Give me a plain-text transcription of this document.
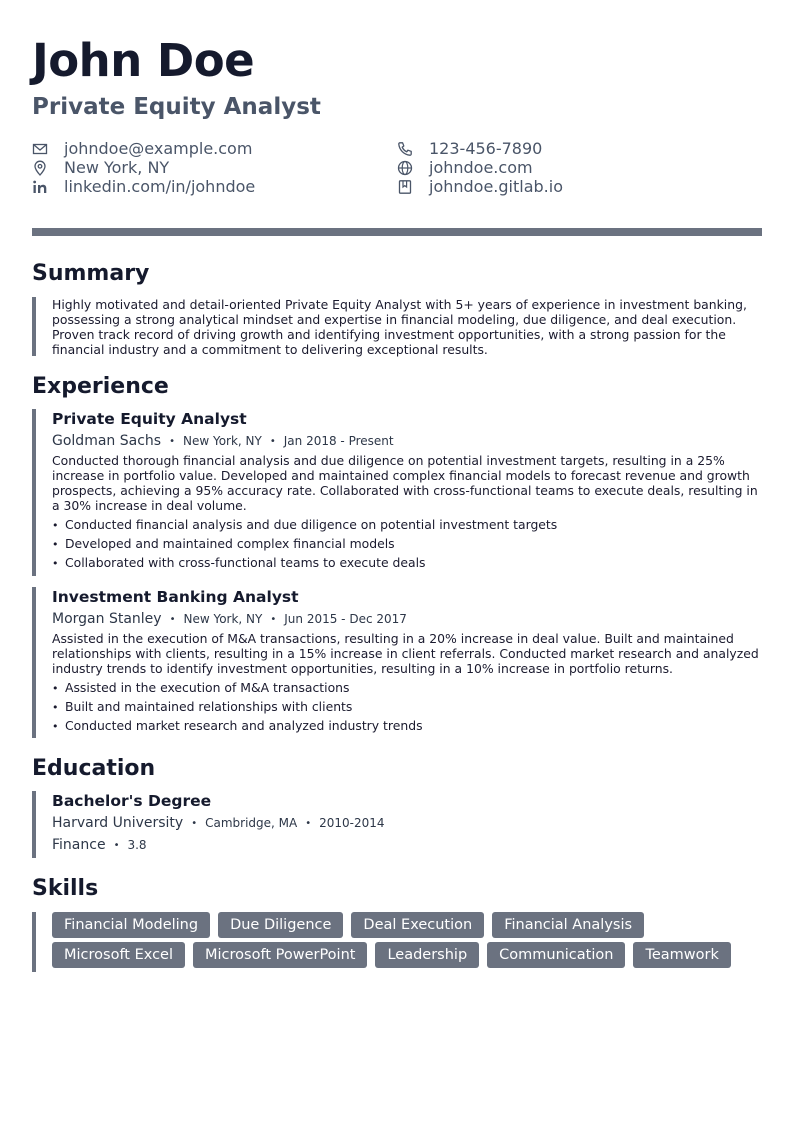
John Doe
Private Equity Analyst
johndoe@example.com
New York, NY
linkedin.com/in/johndoe
123-456-7890
johndoe.com
johndoe.gitlab.io
Summary

Highly motivated and detail-oriented Private Equity Analyst with 5+ years of experience in investment banking, possessing a strong analytical mindset and expertise in financial modeling, due diligence, and deal execution. Proven track record of driving growth and identifying investment opportunities, with a strong passion for the financial industry and a commitment to delivering exceptional results.

Experience
Private Equity Analyst
Goldman Sachs • New York, NY • Jan 2018 - Present

Conducted thorough financial analysis and due diligence on potential investment targets, resulting in a 25% increase in portfolio value. Developed and maintained complex financial models to forecast revenue and growth prospects, achieving a 95% accuracy rate. Collaborated with cross-functional teams to execute deals, resulting in a 30% increase in deal volume.

• Conducted financial analysis and due diligence on potential investment targets
• Developed and maintained complex financial models
• Collaborated with cross-functional teams to execute deals
Investment Banking Analyst
Morgan Stanley • New York, NY • Jun 2015 - Dec 2017

Assisted in the execution of M&A transactions, resulting in a 20% increase in deal value. Built and maintained relationships with clients, resulting in a 15% increase in client referrals. Conducted market research and analyzed industry trends to identify investment opportunities, resulting in a 10% increase in portfolio returns.

• Assisted in the execution of M&A transactions
• Built and maintained relationships with clients
• Conducted market research and analyzed industry trends
Education
Bachelor's Degree
Harvard University • Cambridge, MA • 2010-2014
Finance • 3.8
Skills
Financial Modeling	Due Diligence	Deal Execution	Financial Analysis
Microsoft Excel	Microsoft PowerPoint	Leadership	Communication	Teamwork
